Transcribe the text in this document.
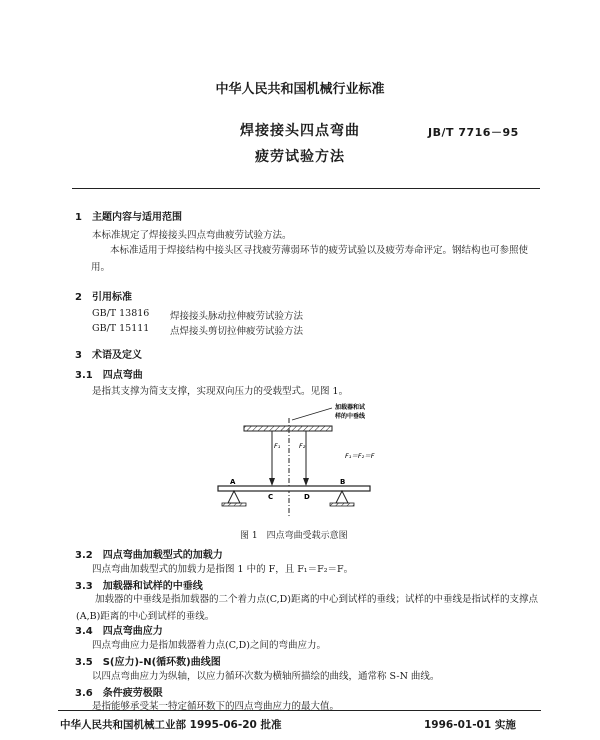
中华人民共和国机械行业标准
焊接接头四点弯曲
疲劳试验方法
JB/T 7716－95
1　主题内容与适用范围
本标准规定了焊接接头四点弯曲疲劳试验方法。
本标准适用于焊接结构中接头区寻找疲劳薄弱环节的疲劳试验以及疲劳寿命评定。钢结构也可参照使用。
2　引用标准
GB/T 13816 焊接接头脉动拉伸疲劳试验方法
GB/T 15111 点焊接头剪切拉伸疲劳试验方法
3　术语及定义
3.1　四点弯曲
是指其支撑为简支支撑，实现双向压力的受载型式。见图 1。
加载器和试
样的中垂线
F₁	F₂
F₁＝F₂＝F
A	B
C	D
图 1　四点弯曲受载示意图
3.2　四点弯曲加载型式的加载力
四点弯曲加载型式的加载力是指图 1 中的 F，且 F₁＝F₂＝F。
3.3　加载器和试样的中垂线
加载器的中垂线是指加载器的二个着力点(C,D)距离的中心到试样的垂线；试样的中垂线是指试样的支撑点(A,B)距离的中心到试样的垂线。
3.4　四点弯曲应力
四点弯曲应力是指加载器着力点(C,D)之间的弯曲应力。
3.5　S(应力)-N(循环数)曲线图
以四点弯曲应力为纵轴，以应力循环次数为横轴所描绘的曲线，通常称 S-N 曲线。
3.6　条件疲劳极限
是指能够承受某一特定循环数下的四点弯曲应力的最大值。
中华人民共和国机械工业部 1995-06-20 批准	1996-01-01 实施
